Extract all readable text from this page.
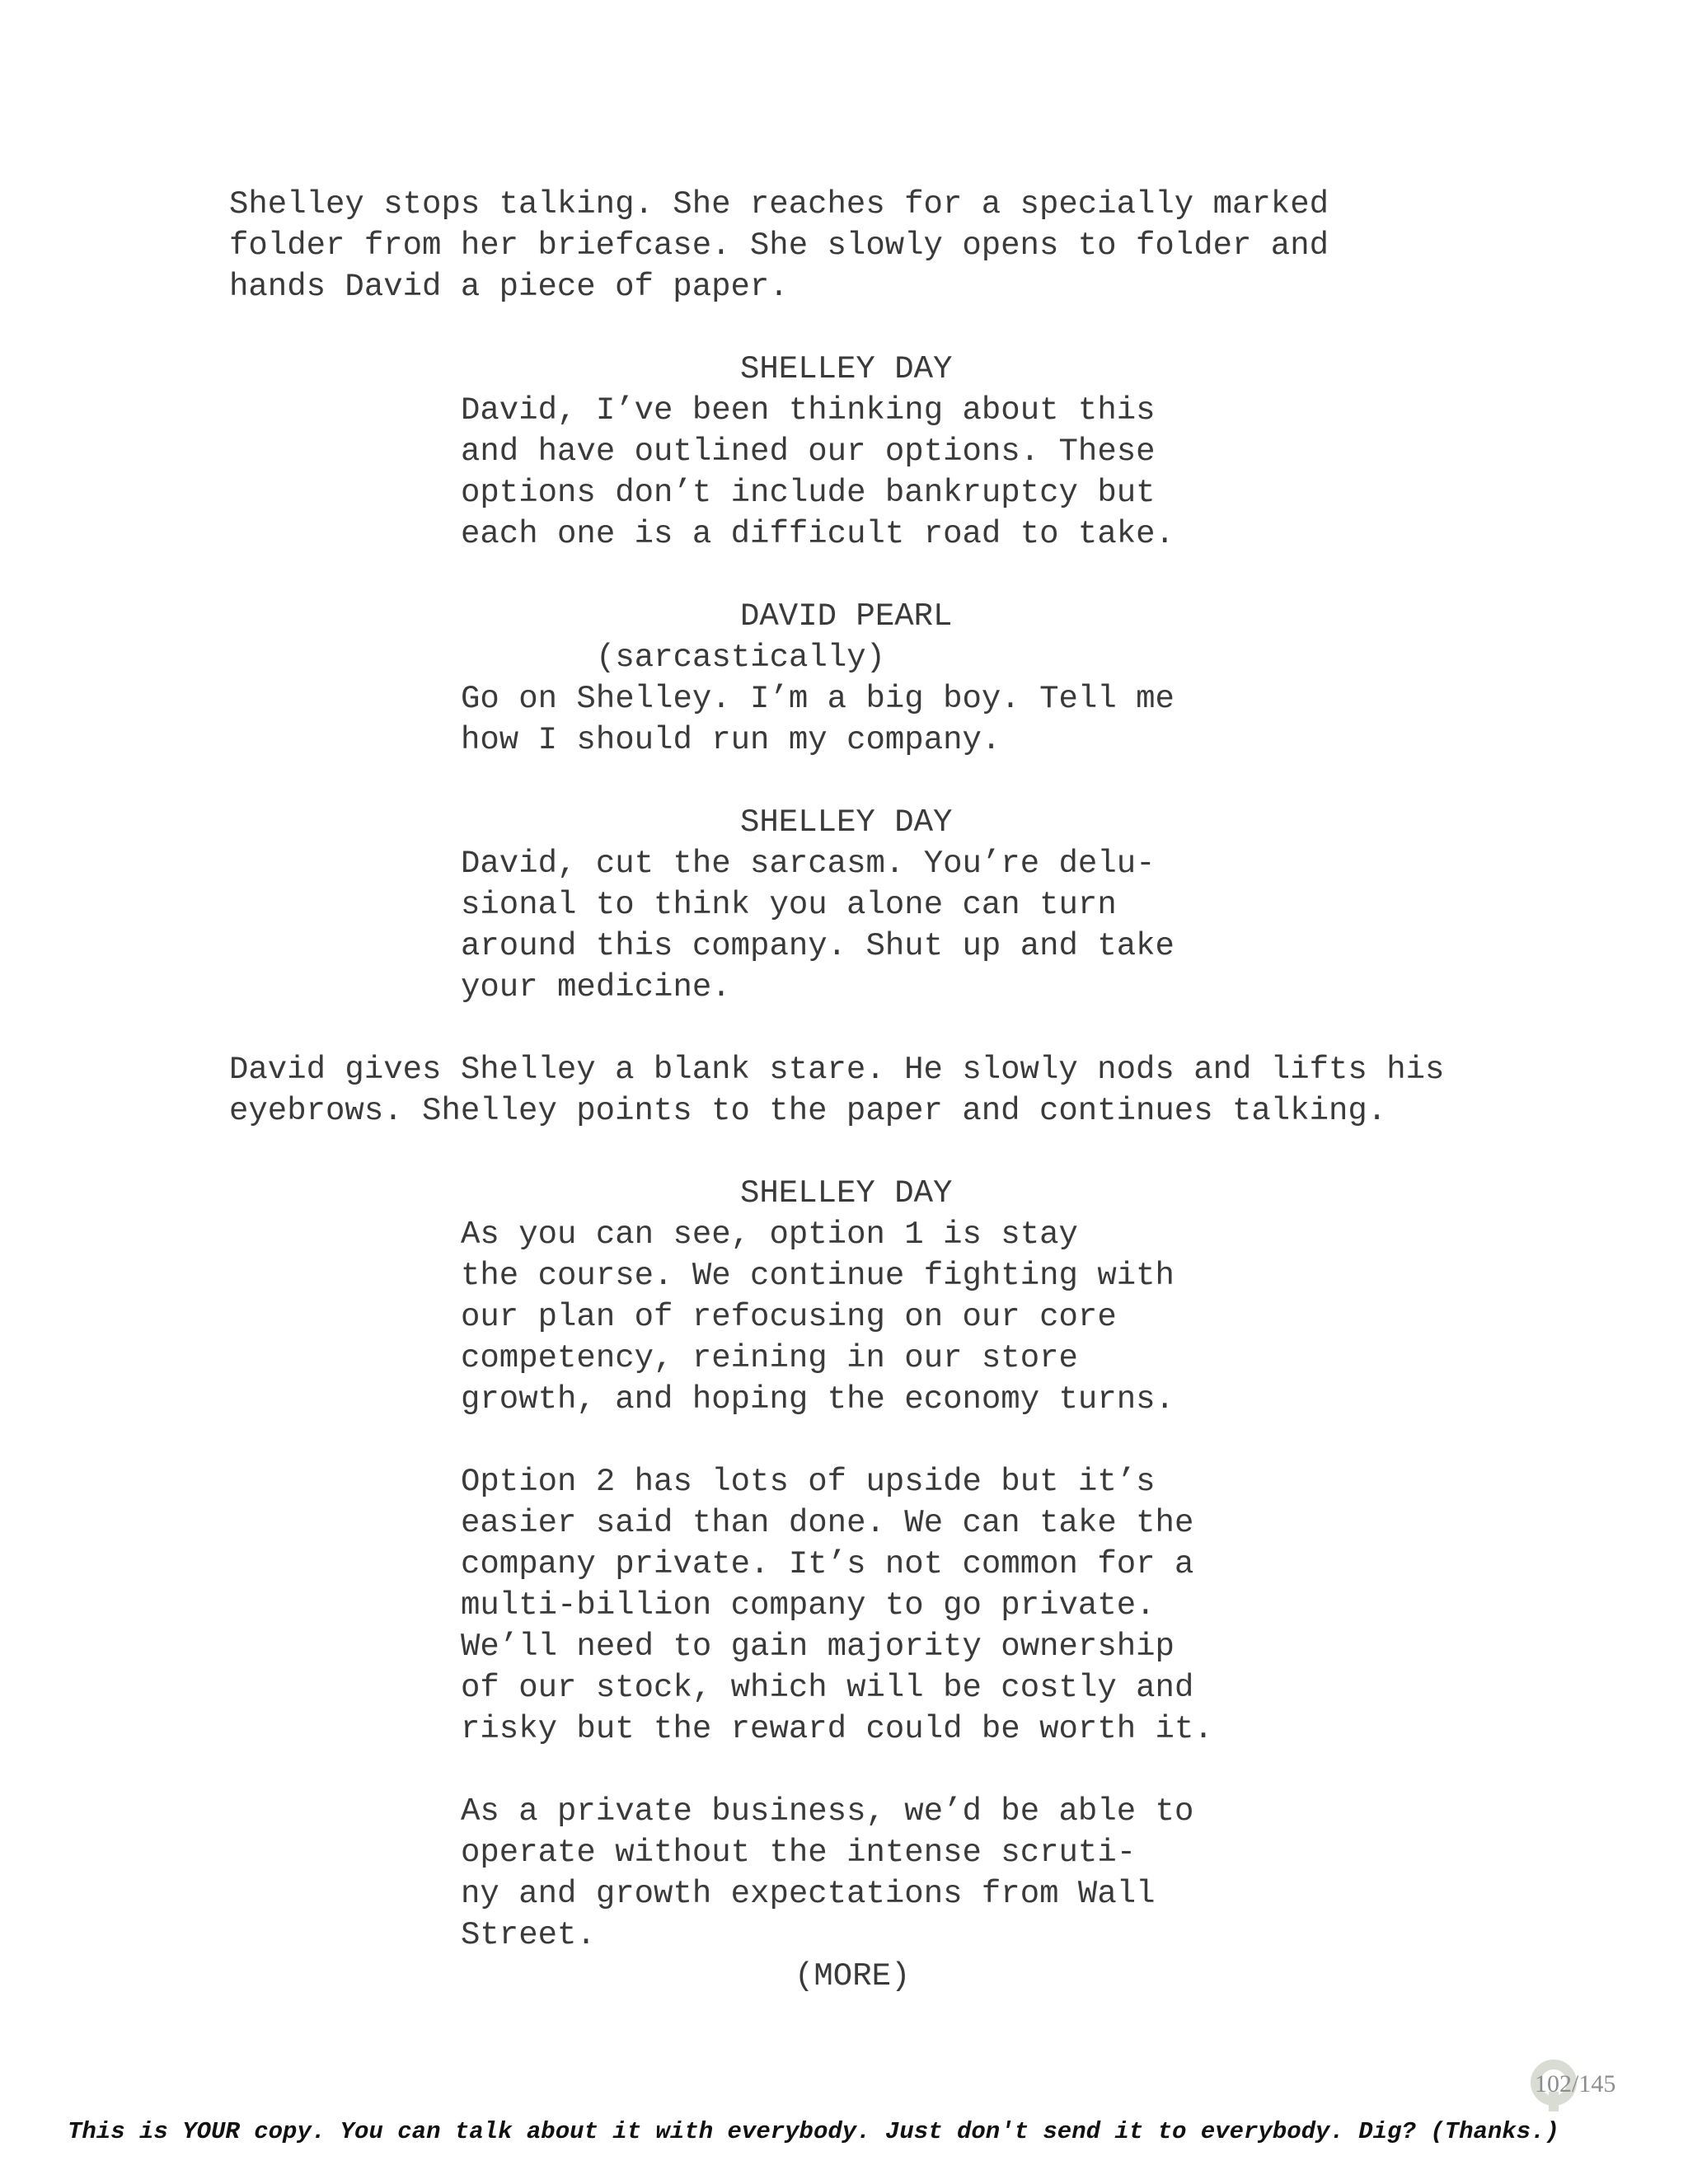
Shelley stops talking. She reaches for a specially marked

folder from her briefcase. She slowly opens to folder and

hands David a piece of paper.

SHELLEY DAY

David, I’ve been thinking about this

and have outlined our options. These

options don’t include bankruptcy but

each one is a difficult road to take.

DAVID PEARL

(sarcastically)

Go on Shelley. I’m a big boy. Tell me

how I should run my company.

SHELLEY DAY

David, cut the sarcasm. You’re delu-

sional to think you alone can turn

around this company. Shut up and take

your medicine.

David gives Shelley a blank stare. He slowly nods and lifts his

eyebrows. Shelley points to the paper and continues talking.

SHELLEY DAY

As you can see, option 1 is stay

the course. We continue fighting with

our plan of refocusing on our core

competency, reining in our store

growth, and hoping the economy turns.

Option 2 has lots of upside but it’s

easier said than done. We can take the

company private. It’s not common for a

multi-billion company to go private.

We’ll need to gain majority ownership

of our stock, which will be costly and

risky but the reward could be worth it.

As a private business, we’d be able to

operate without the intense scruti-

ny and growth expectations from Wall

Street.

(MORE)

102/145
This is YOUR copy. You can talk about it with everybody. Just don't send it to everybody. Dig? (Thanks.)
